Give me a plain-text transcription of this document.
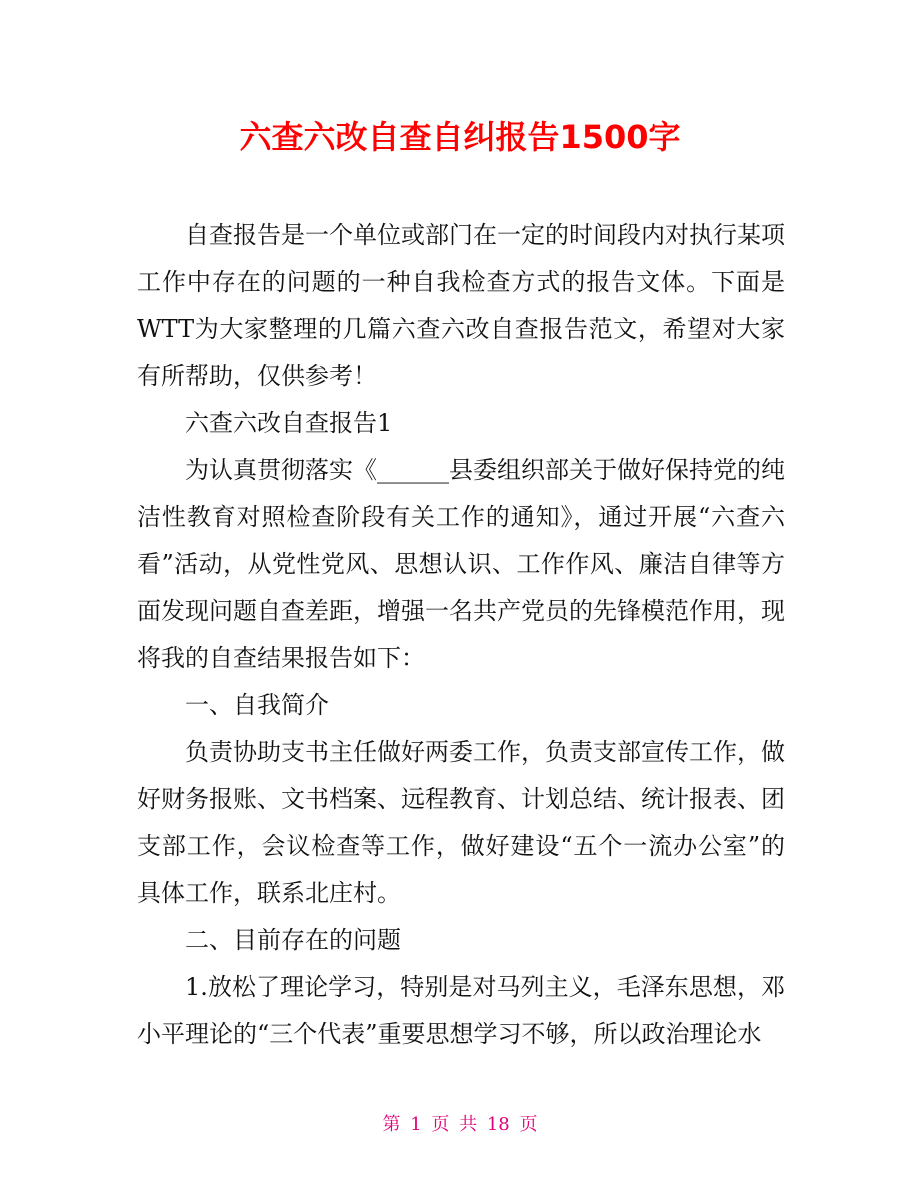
六查六改自查自纠报告1500字

自查报告是一个单位或部门在一定的时间段内对执行某项工作中存在的问题的一种自我检查方式的报告文体。下面是WTT为大家整理的几篇六查六改自查报告范文，希望对大家有所帮助，仅供参考！

六查六改自查报告1

为认真贯彻落实《______县委组织部关于做好保持党的纯洁性教育对照检查阶段有关工作的通知》，通过开展“六查六看”活动，从党性党风、思想认识、工作作风、廉洁自律等方面发现问题自查差距，增强一名共产党员的先锋模范作用，现将我的自查结果报告如下：

一、自我简介

负责协助支书主任做好两委工作，负责支部宣传工作，做好财务报账、文书档案、远程教育、计划总结、统计报表、团支部工作，会议检查等工作，做好建设“五个一流办公室”的具体工作，联系北庄村。

二、目前存在的问题

1.放松了理论学习，特别是对马列主义，毛泽东思想，邓小平理论的“三个代表”重要思想学习不够，所以政治理论水

第 1 页 共 18 页
